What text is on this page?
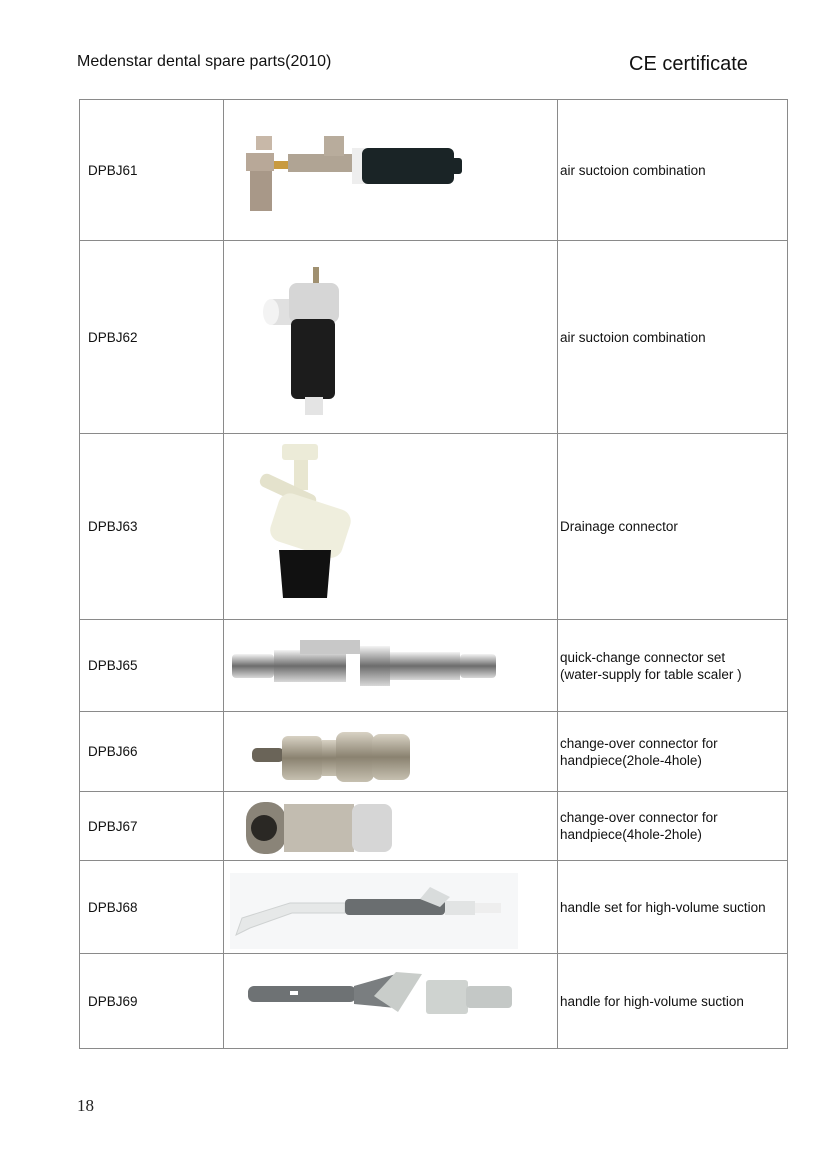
Medenstar dental spare parts(2010)	CE certificate
DPBJ61		air suctoion combination
DPBJ62		air suctoion combination
DPBJ63		Drainage connector
DPBJ65		quick-change connector set
(water-supply for table scaler )
DPBJ66		change-over connector for
handpiece(2hole-4hole)
DPBJ67		change-over connector for
handpiece(4hole-2hole)
DPBJ68		handle set for high-volume suction
DPBJ69		handle for high-volume suction
18
